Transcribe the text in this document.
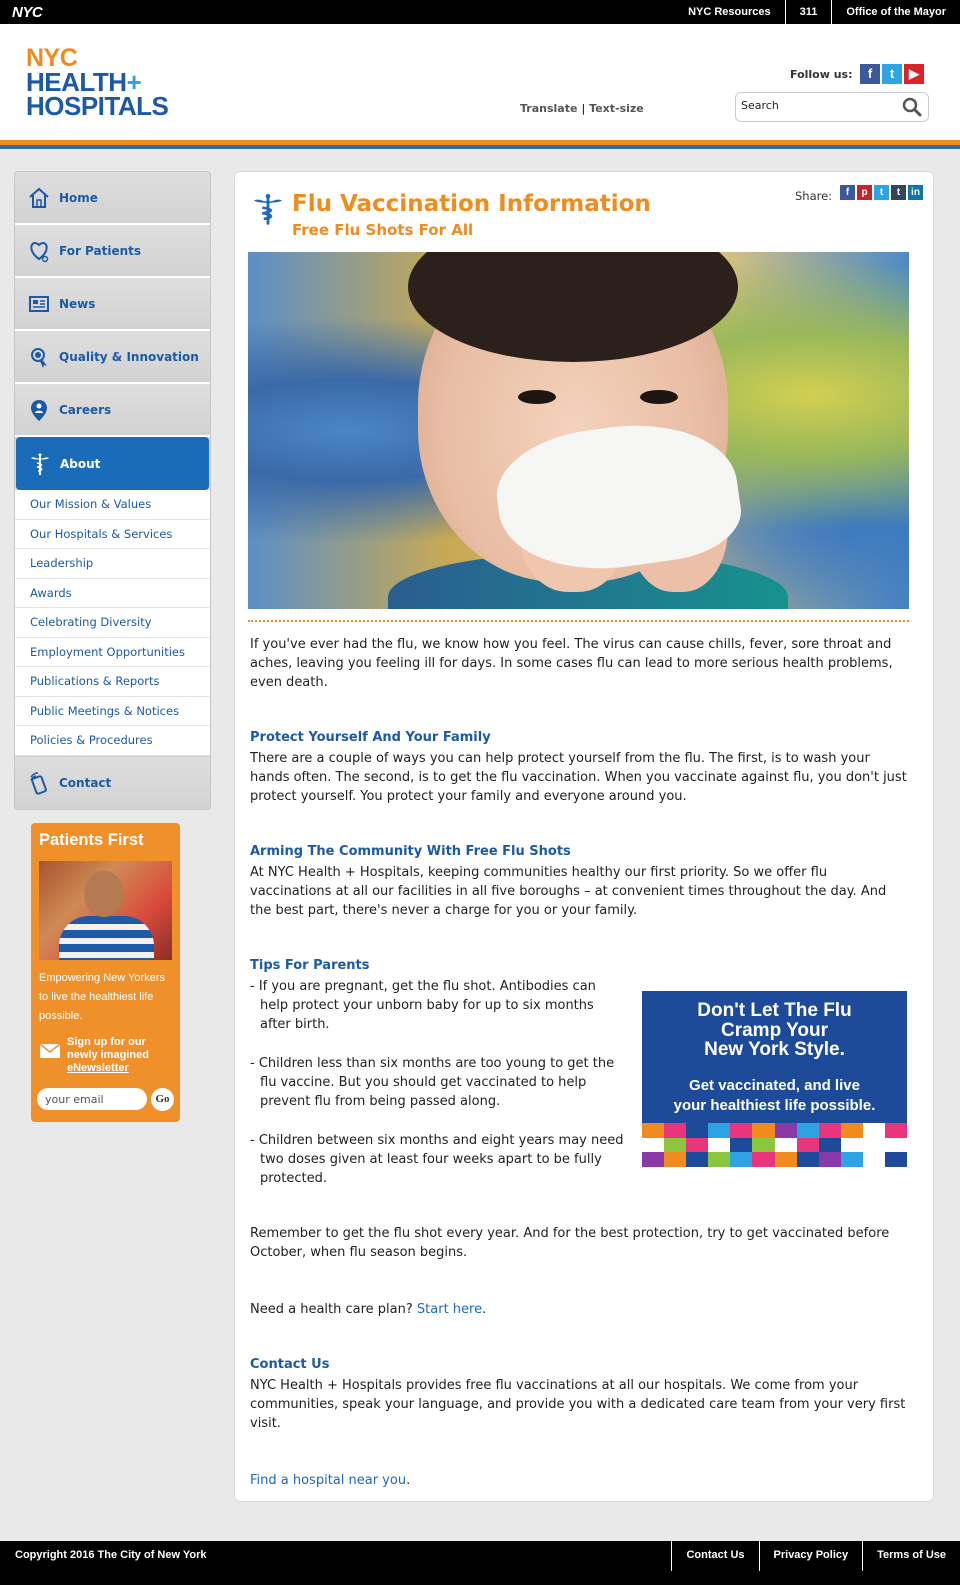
NYC	NYC Resources	311	Office of the Mayor
NYC
HEALTH+
HOSPITALS
Follow us:	f	t	▶
Translate | Text-size
Search
Home
For Patients
News
Quality & Innovation
Careers
About
Our Mission & Values
Our Hospitals & Services
Leadership
Awards
Celebrating Diversity
Employment Opportunities
Publications & Reports
Public Meetings & Notices
Policies & Procedures
Contact
Patients First
Empowering New Yorkers to live the healthiest life possible.
Sign up for our newly imagined
eNewsletter
your email
Go
Flu Vaccination Information
Free Flu Shots For All
Share:	f	p	t	t	in
If you've ever had the flu, we know how you feel. The virus can cause chills, fever, sore throat and aches, leaving you feeling ill for days. In some cases flu can lead to more serious health problems, even death.
Protect Yourself And Your Family
There are a couple of ways you can help protect yourself from the flu. The first, is to wash your hands often. The second, is to get the flu vaccination. When you vaccinate against flu, you don't just protect yourself. You protect your family and everyone around you.
Arming The Community With Free Flu Shots
At NYC Health + Hospitals, keeping communities healthy our first priority. So we offer flu vaccinations at all our facilities in all five boroughs – at convenient times throughout the day. And the best part, there's never a charge for you or your family.
Tips For Parents
- If you are pregnant, get the flu shot. Antibodies can help protect your unborn baby for up to six months after birth.
- Children less than six months are too young to get the flu vaccine. But you should get vaccinated to help prevent flu from being passed along.
- Children between six months and eight years may need two doses given at least four weeks apart to be fully protected.
Don't Let The Flu
Cramp Your
New York Style.
Get vaccinated, and live
your healthiest life possible.
Remember to get the flu shot every year. And for the best protection, try to get vaccinated before October, when flu season begins.
Need a health care plan? Start here.
Contact Us
NYC Health + Hospitals provides free flu vaccinations at all our hospitals. We come from your communities, speak your language, and provide you with a dedicated care team from your very first visit.
Find a hospital near you.
Copyright 2016 The City of New York	Contact Us	Privacy Policy	Terms of Use
